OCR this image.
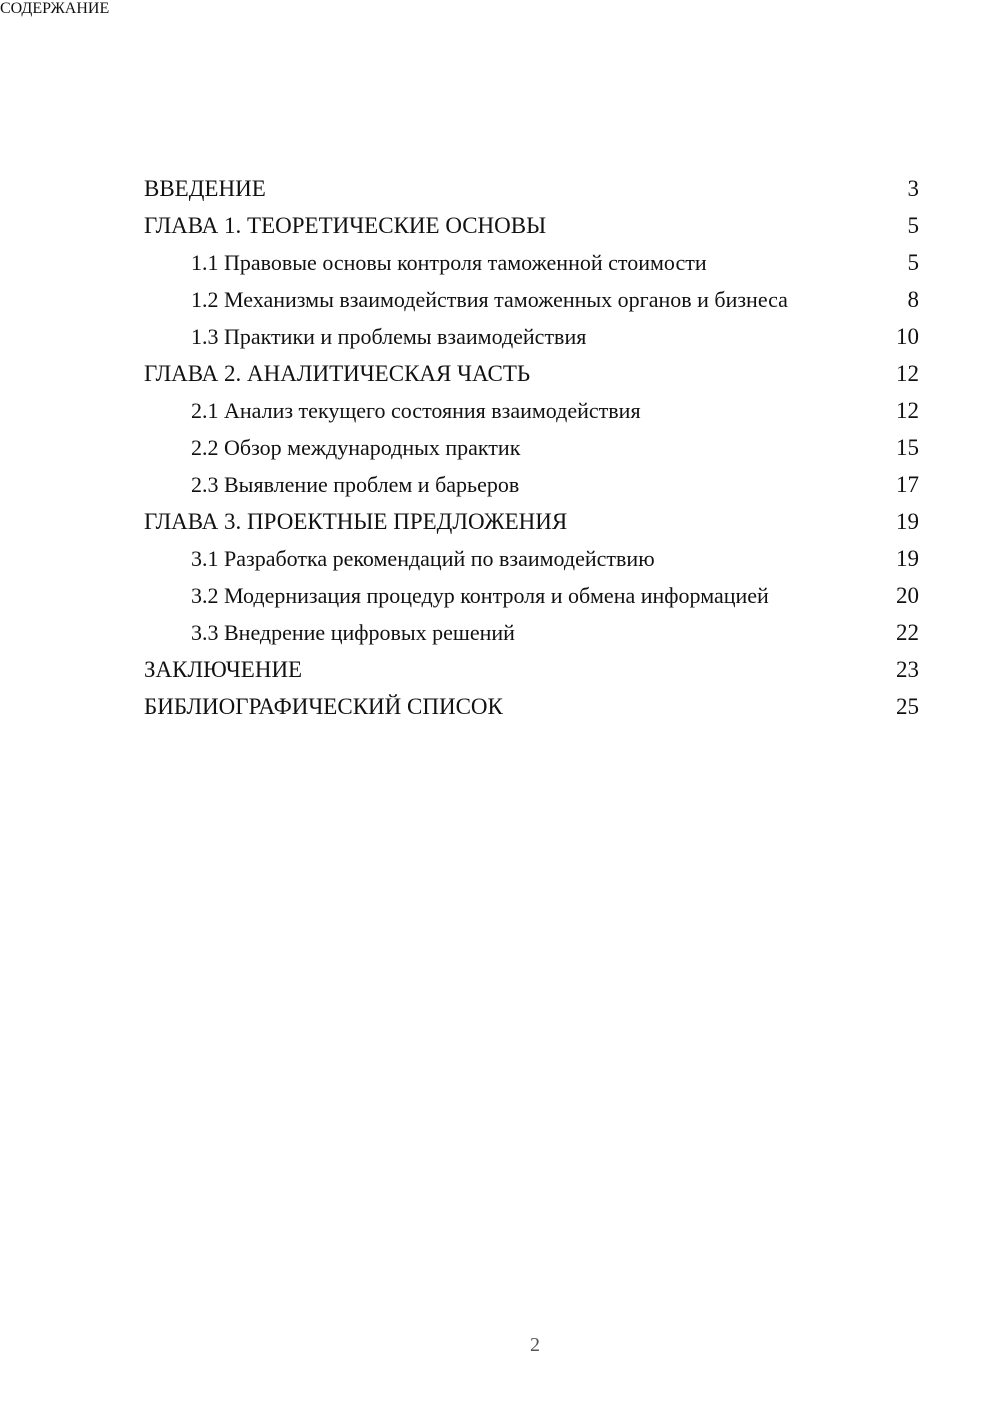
СОДЕРЖАНИЕ
ВВЕДЕНИЕ	3
ГЛАВА 1. ТЕОРЕТИЧЕСКИЕ ОСНОВЫ	5
1.1 Правовые основы контроля таможенной стоимости	5
1.2 Механизмы взаимодействия таможенных органов и бизнеса	8
1.3 Практики и проблемы взаимодействия	10
ГЛАВА 2. АНАЛИТИЧЕСКАЯ ЧАСТЬ	12
2.1 Анализ текущего состояния взаимодействия	12
2.2 Обзор международных практик	15
2.3 Выявление проблем и барьеров	17
ГЛАВА 3. ПРОЕКТНЫЕ ПРЕДЛОЖЕНИЯ	19
3.1 Разработка рекомендаций по взаимодействию	19
3.2 Модернизация процедур контроля и обмена информацией	20
3.3 Внедрение цифровых решений	22
ЗАКЛЮЧЕНИЕ	23
БИБЛИОГРАФИЧЕСКИЙ СПИСОК	25
2
